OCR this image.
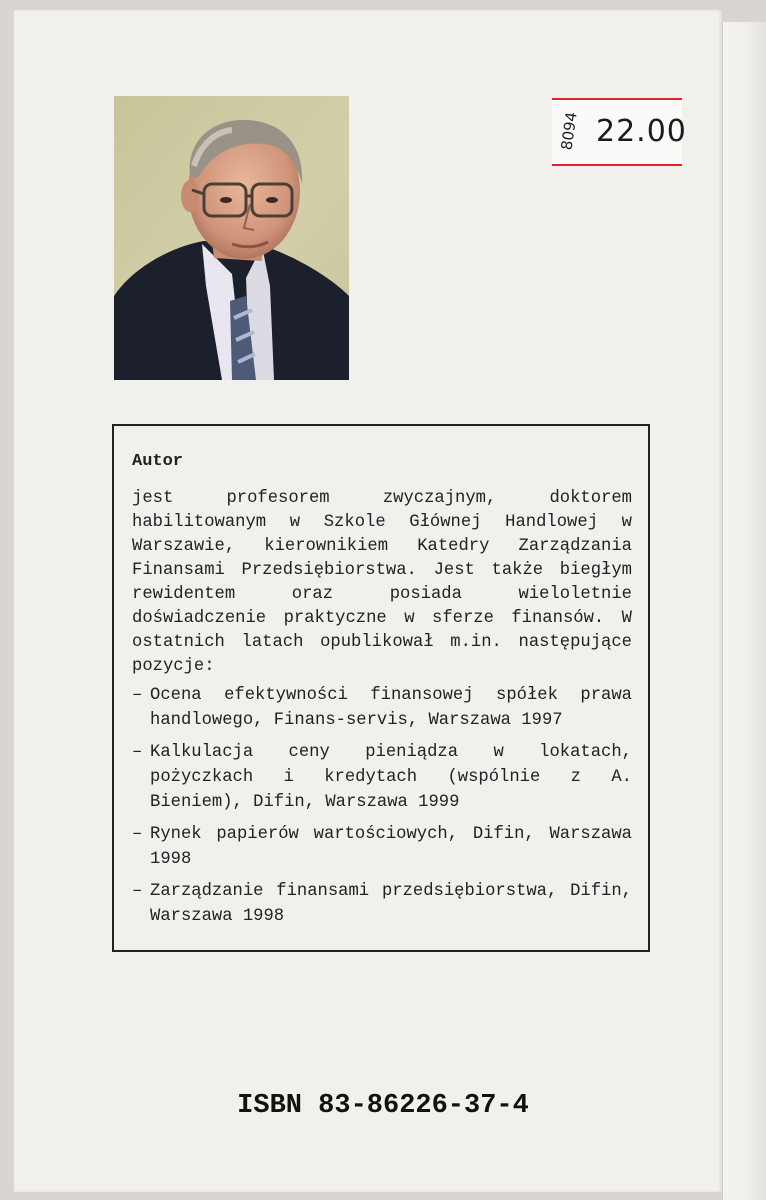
8094 22.00
Autor
jest profesorem zwyczajnym, doktorem habilitowanym w Szkole Głównej Handlowej w Warszawie, kierownikiem Katedry Zarządzania Finansami Przedsiębiorstwa. Jest także biegłym rewidentem oraz posiada wieloletnie doświadczenie praktyczne w sferze finansów. W ostatnich latach opublikował m.in. następujące pozycje:
– Ocena efektywności finansowej spółek prawa handlowego, Finans-servis, Warszawa 1997
– Kalkulacja ceny pieniądza w lokatach, pożyczkach i kredytach (wspólnie z A. Bieniem), Difin, Warszawa 1999
– Rynek papierów wartościowych, Difin, Warszawa 1998
– Zarządzanie finansami przedsiębiorstwa, Difin, Warszawa 1998
ISBN 83-86226-37-4
